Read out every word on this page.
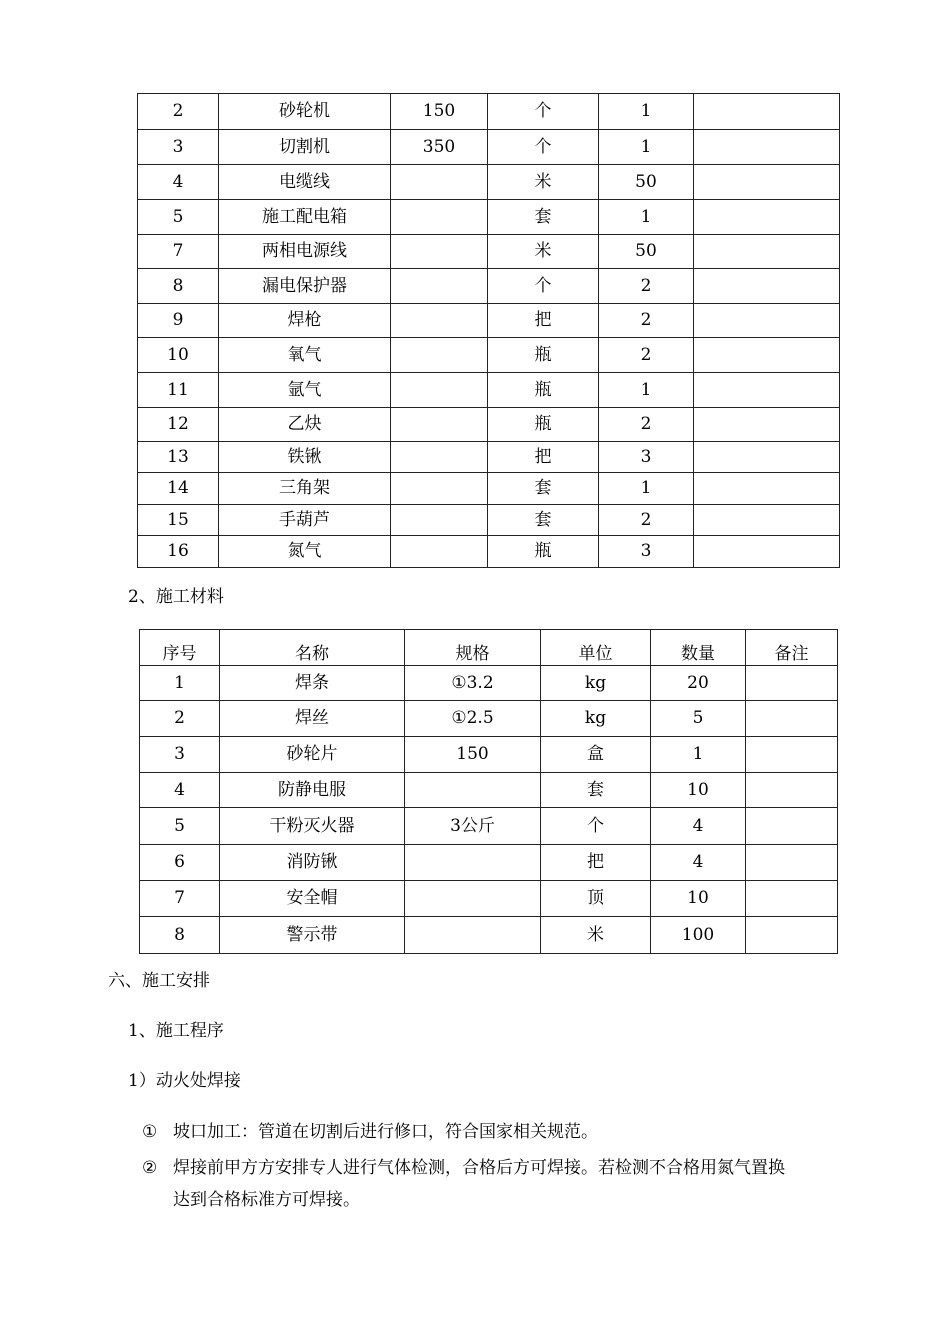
2	砂轮机	150	个	1	
3	切割机	350	个	1	
4	电缆线		米	50	
5	施工配电箱		套	1	
7	两相电源线		米	50	
8	漏电保护器		个	2	
9	焊枪		把	2	
10	氧气		瓶	2	
11	氩气		瓶	1	
12	乙炔		瓶	2	
13	铁锹		把	3	
14	三角架		套	1	
15	手葫芦		套	2	
16	氮气		瓶	3	
2、施工材料
序号	名称	规格	单位	数量	备注
1	焊条	①3.2	kg	20	
2	焊丝	①2.5	kg	5	
3	砂轮片	150	盒	1	
4	防静电服		套	10	
5	干粉灭火器	3公斤	个	4	
6	消防锹		把	4	
7	安全帽		顶	10	
8	警示带		米	100	
六、施工安排
1、施工程序
1）动火处焊接
① 坡口加工：管道在切割后进行修口，符合国家相关规范。
② 焊接前甲方方安排专人进行气体检测，合格后方可焊接。若检测不合格用氮气置换
达到合格标准方可焊接。
